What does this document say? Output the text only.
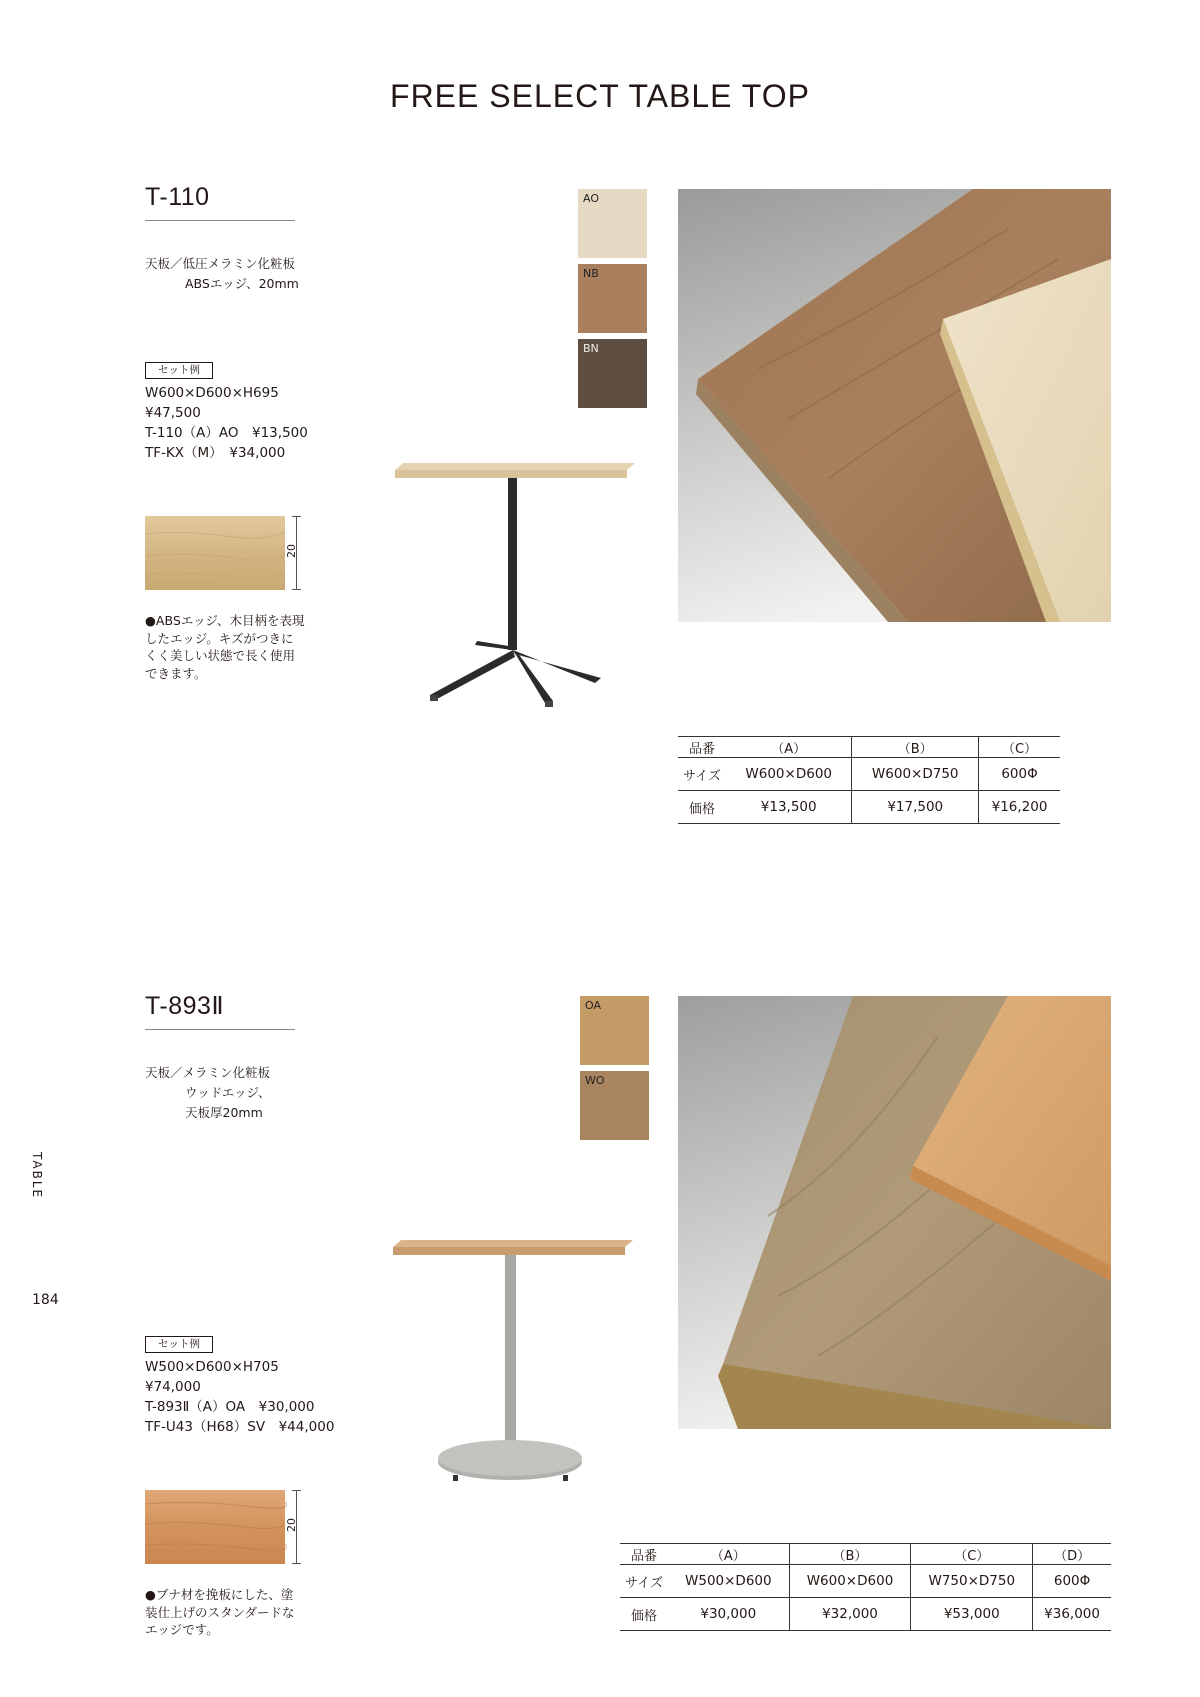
FREE SELECT TABLE TOP
TABLE
184
T-110
天板／低圧メラミン化粧板
ABSエッジ、20mm
セット例
W600×D600×H695
¥47,500
T-110（A）AO　¥13,500
TF-KX（M）　¥34,000
20
●ABSエッジ、木目柄を表現したエッジ。キズがつきにくく美しい状態で長く使用できます。
AO
NB
BN
品番	（A）	（B）	（C）
サイズ	W600×D600	W600×D750	600Φ
価格	¥13,500	¥17,500	¥16,200
T-893Ⅱ
天板／メラミン化粧板
ウッドエッジ、
天板厚20mm
セット例
W500×D600×H705
¥74,000
T-893Ⅱ（A）OA　¥30,000
TF-U43（H68）SV　¥44,000
20
●ブナ材を挽板にした、塗装仕上げのスタンダードなエッジです。
OA
WO
品番	（A）	（B）	（C）	（D）
サイズ	W500×D600	W600×D600	W750×D750	600Φ
価格	¥30,000	¥32,000	¥53,000	¥36,000
